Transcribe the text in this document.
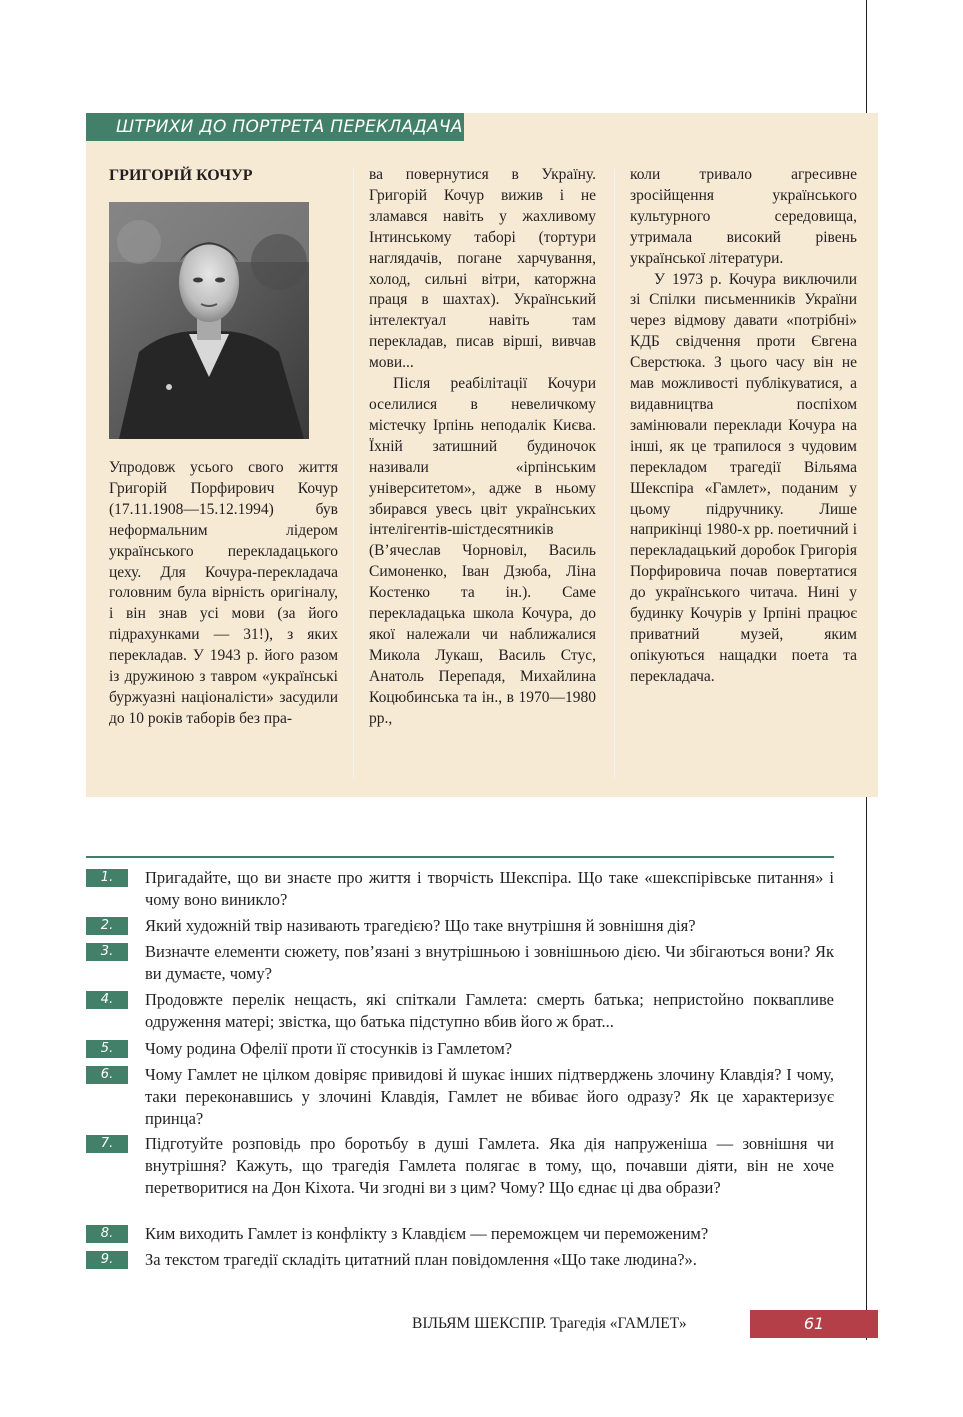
ШТРИХИ ДО ПОРТРЕТА ПЕРЕКЛАДАЧА
ГРИГОРІЙ КОЧУР

Упродовж усього свого життя Григорій Порфирович Кочур (17.11.1908—15.12.1994) був неформальним лідером українського перекладацького цеху. Для Кочура-перекладача головним була вірність оригіналу, і він знав усі мови (за його підрахунками — 31!), з яких перекладав. У 1943 р. його разом із дружиною з тавром «українські буржуазні націоналісти» засудили до 10 років таборів без пра-

ва повернутися в Україну. Григорій Кочур вижив і не зламався навіть у жахливому Інтинському таборі (тортури наглядачів, погане харчування, холод, сильні вітри, каторжна праця в шахтах). Український інтелектуал навіть там перекладав, писав вірші, вивчав мови...

Після реабілітації Кочури оселилися в невеличкому містечку Ірпінь неподалік Києва. Їхній затишний будиночок називали «ірпінським університетом», адже в ньому збирався увесь цвіт українських інтелігентів-шістдесятників (В’ячеслав Чорновіл, Василь Симоненко, Іван Дзюба, Ліна Костенко та ін.). Саме перекладацька школа Кочура, до якої належали чи наближалися Микола Лукаш, Василь Стус, Анатоль Перепадя, Михайлина Коцюбинська та ін., в 1970—1980 рр.,

коли тривало агресивне зросійщення українського культурного середовища, утримала високий рівень української літератури.

У 1973 р. Кочура виключили зі Спілки письменників України через відмову давати «потрібні» КДБ свідчення проти Євгена Сверстюка. З цього часу він не мав можливості публікуватися, а видавництва поспіхом замінювали переклади Кочура на інші, як це трапилося з чудовим перекладом трагедії Вільяма Шекспіра «Гамлет», поданим у цьому підручнику. Лише наприкінці 1980-х рр. поетичний і перекладацький доробок Григорія Порфировича почав повертатися до українського читача. Нині у будинку Кочурів у Ірпіні працює приватний музей, яким опікуються нащадки поета та перекладача.

1.	Пригадайте, що ви знаєте про життя і творчість Шекспіра. Що таке «шекспірівське питання» і чому воно виникло?
2.	Який художній твір називають трагедією? Що таке внутрішня й зовнішня дія?
3.	Визначте елементи сюжету, пов’язані з внутрішньою і зовнішньою дією. Чи збігаються вони? Як ви думаєте, чому?
4.	Продовжте перелік нещасть, які спіткали Гамлета: смерть батька; непристойно поквапливе одруження матері; звістка, що батька підступно вбив його ж брат...
5.	Чому родина Офелії проти її стосунків із Гамлетом?
6.	Чому Гамлет не цілком довіряє привидові й шукає інших підтверджень злочину Клавдія? І чому, таки переконавшись у злочині Клавдія, Гамлет не вбиває його одразу? Як це характеризує принца?
7.	Підготуйте розповідь про боротьбу в душі Гамлета. Яка дія напруженіша — зовнішня чи внутрішня? Кажуть, що трагедія Гамлета полягає в тому, що, почавши діяти, він не хоче перетворитися на Дон Кіхота. Чи згодні ви з цим? Чому? Що єднає ці два образи?
8.	Ким виходить Гамлет із конфлікту з Клавдієм — переможцем чи переможеним?
9.	За текстом трагедії складіть цитатний план повідомлення «Що таке людина?».
ВІЛЬЯМ ШЕКСПІР. Трагедія «ГАМЛЕТ»	61
